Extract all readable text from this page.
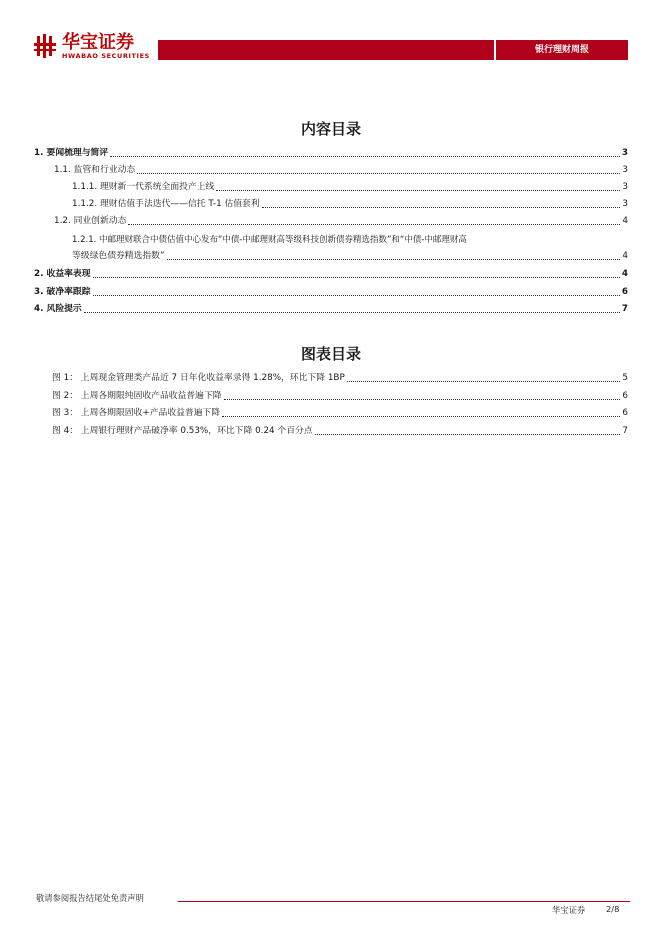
华宝证券
HWABAO SECURITIES
银行理财周报
内容目录
1. 要闻梳理与简评	3
1.1. 监管和行业动态	3
1.1.1. 理财新一代系统全面投产上线	3
1.1.2. 理财估值手法迭代——信托 T-1 估值套利	3
1.2. 同业创新动态	4
1.2.1. 中邮理财联合中债估值中心发布“中债-中邮理财高等级科技创新债券精选指数”和“中债-中邮理财高
等级绿色债券精选指数”	4
2. 收益率表现	4
3. 破净率跟踪	6
4. 风险提示	7
图表目录
图 1： 上周现金管理类产品近 7 日年化收益率录得 1.28%，环比下降 1BP	5
图 2： 上周各期限纯固收产品收益普遍下降	6
图 3： 上周各期限固收+产品收益普遍下降	6
图 4： 上周银行理财产品破净率 0.53%，环比下降 0.24 个百分点	7
敬请参阅报告结尾处免责声明
华宝证券	2/8
